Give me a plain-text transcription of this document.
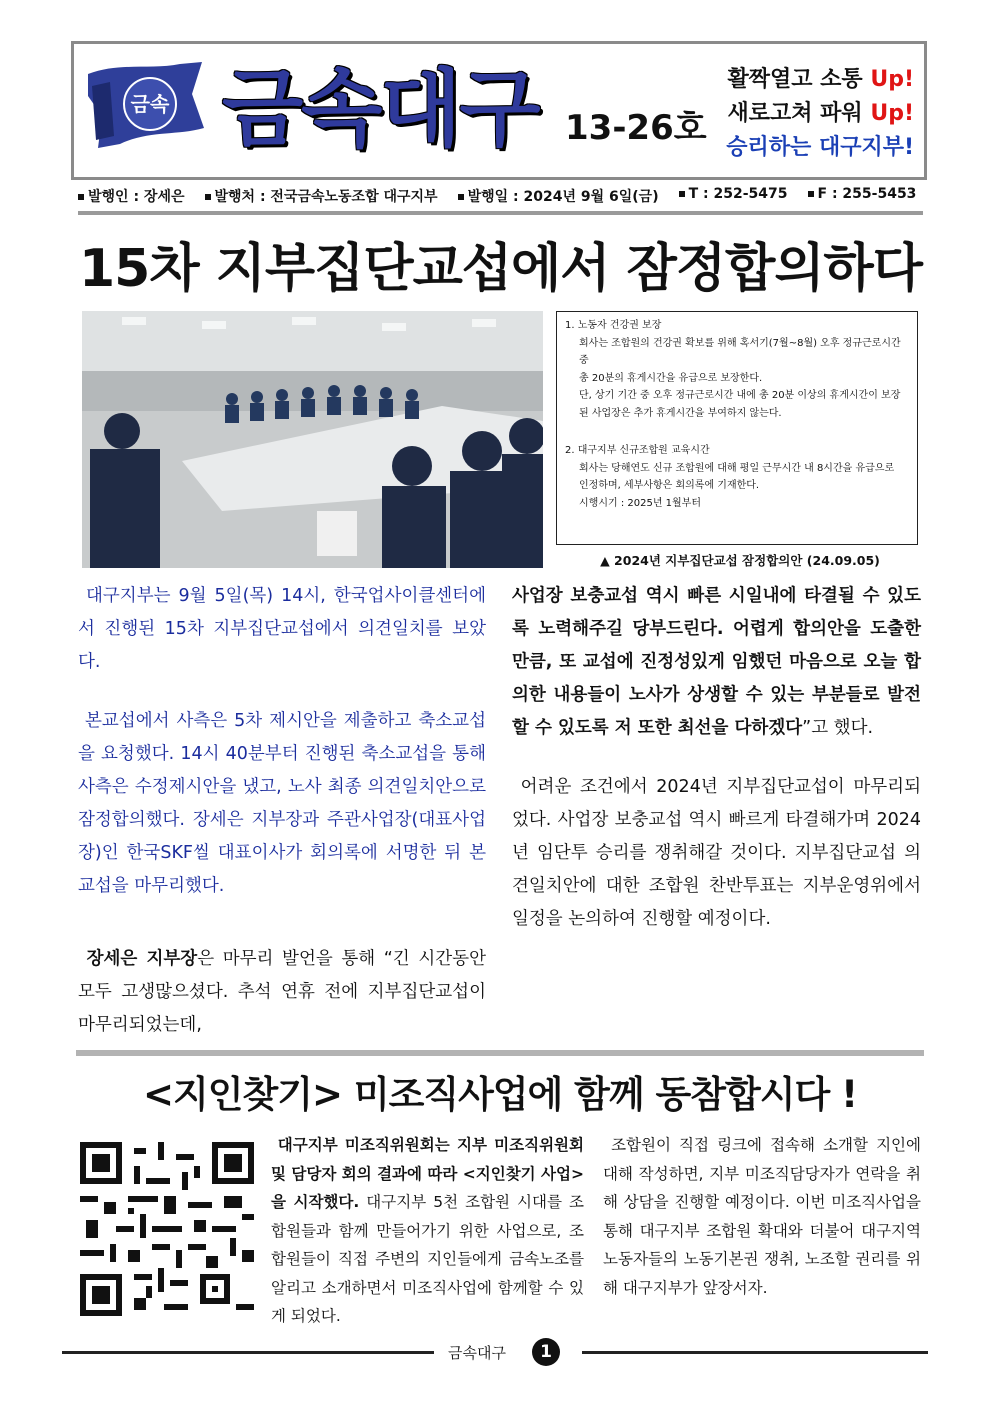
금속 금속대구 13-26호
활짝열고 소통 Up!
새로고쳐 파워 Up!
승리하는 대구지부!
발행인 : 장세은	발행처 : 전국금속노동조합 대구지부	발행일 : 2024년 9월 6일(금)	T : 252-5475	F : 255-5453
15차 지부집단교섭에서 잠정합의하다

1. 노동자 건강권 보장

회사는 조합원의 건강권 확보를 위해 혹서기(7월~8월) 오후 정규근로시간 중

총 20분의 휴게시간을 유급으로 보장한다.

단, 상기 기간 중 오후 정규근로시간 내에 총 20분 이상의 휴게시간이 보장

된 사업장은 추가 휴게시간을 부여하지 않는다.

2. 대구지부 신규조합원 교육시간

회사는 당해연도 신규 조합원에 대해 평일 근무시간 내 8시간을 유급으로

인정하며, 세부사항은 회의록에 기재한다.

시행시기 : 2025년 1월부터

▲ 2024년 지부집단교섭 잠정합의안 (24.09.05)

대구지부는 9월 5일(목) 14시, 한국업사이클센터에서 진행된 15차 지부집단교섭에서 의견일치를 보았다.

본교섭에서 사측은 5차 제시안을 제출하고 축소교섭을 요청했다. 14시 40분부터 진행된 축소교섭을 통해 사측은 수정제시안을 냈고, 노사 최종 의견일치안으로 잠정합의했다. 장세은 지부장과 주관사업장(대표사업장)인 한국SKF씰 대표이사가 회의록에 서명한 뒤 본교섭을 마무리했다.

장세은 지부장은 마무리 발언을 통해 “긴 시간동안 모두 고생많으셨다. 추석 연휴 전에 지부집단교섭이 마무리되었는데,

사업장 보충교섭 역시 빠른 시일내에 타결될 수 있도록 노력해주길 당부드린다. 어렵게 합의안을 도출한 만큼, 또 교섭에 진정성있게 임했던 마음으로 오늘 합의한 내용들이 노사가 상생할 수 있는 부분들로 발전할 수 있도록 저 또한 최선을 다하겠다”고 했다.

어려운 조건에서 2024년 지부집단교섭이 마무리되었다. 사업장 보충교섭 역시 빠르게 타결해가며 2024년 임단투 승리를 쟁취해갈 것이다. 지부집단교섭 의견일치안에 대한 조합원 찬반투표는 지부운영위에서 일정을 논의하여 진행할 예정이다.

<지인찾기> 미조직사업에 함께 동참합시다 !

대구지부 미조직위원회는 지부 미조직위원회 및 담당자 회의 결과에 따라 <지인찾기 사업>을 시작했다. 대구지부 5천 조합원 시대를 조합원들과 함께 만들어가기 위한 사업으로, 조합원들이 직접 주변의 지인들에게 금속노조를 알리고 소개하면서 미조직사업에 함께할 수 있게 되었다.

조합원이 직접 링크에 접속해 소개할 지인에 대해 작성하면, 지부 미조직담당자가 연락을 취해 상담을 진행할 예정이다. 이번 미조직사업을 통해 대구지부 조합원 확대와 더불어 대구지역 노동자들의 노동기본권 쟁취, 노조할 권리를 위해 대구지부가 앞장서자.

금속대구	1
